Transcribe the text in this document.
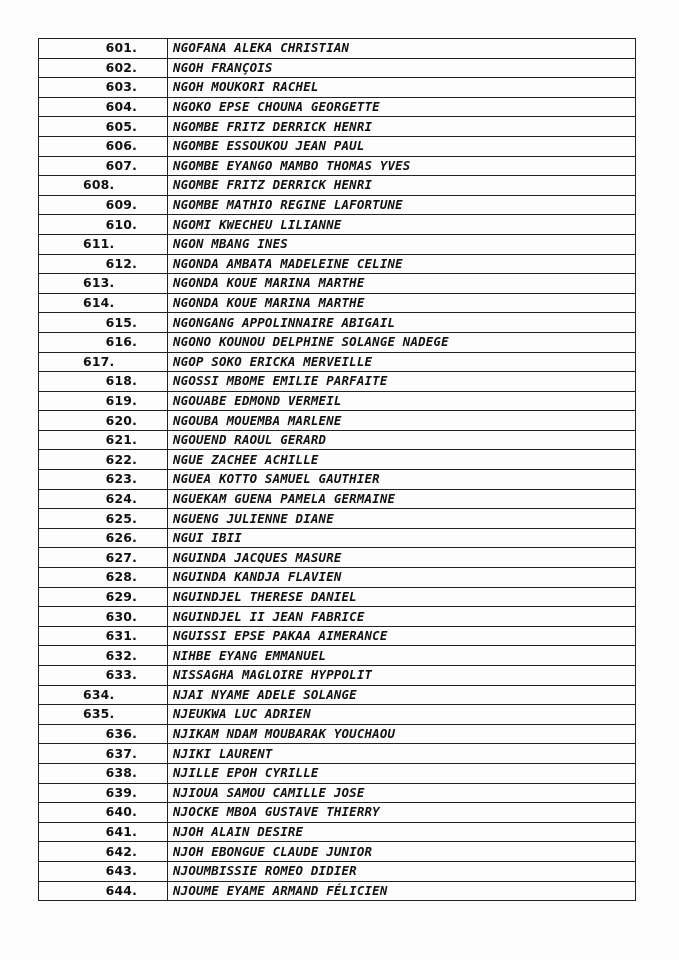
601.	NGOFANA ALEKA CHRISTIAN
602.	NGOH FRANÇOIS
603.	NGOH MOUKORI RACHEL
604.	NGOKO EPSE CHOUNA GEORGETTE
605.	NGOMBE FRITZ DERRICK HENRI
606.	NGOMBE ESSOUKOU JEAN PAUL
607.	NGOMBE EYANGO MAMBO THOMAS YVES
608.	NGOMBE FRITZ DERRICK HENRI
609.	NGOMBE MATHIO REGINE LAFORTUNE
610.	NGOMI KWECHEU LILIANNE
611.	NGON MBANG INES
612.	NGONDA AMBATA MADELEINE CELINE
613.	NGONDA KOUE MARINA MARTHE
614.	NGONDA KOUE MARINA MARTHE
615.	NGONGANG APPOLINNAIRE ABIGAIL
616.	NGONO KOUNOU DELPHINE SOLANGE NADEGE
617.	NGOP SOKO ERICKA MERVEILLE
618.	NGOSSI MBOME EMILIE PARFAITE
619.	NGOUABE EDMOND VERMEIL
620.	NGOUBA MOUEMBA MARLENE
621.	NGOUEND RAOUL GERARD
622.	NGUE ZACHEE ACHILLE
623.	NGUEA KOTTO SAMUEL GAUTHIER
624.	NGUEKAM GUENA PAMELA GERMAINE
625.	NGUENG JULIENNE DIANE
626.	NGUI IBII
627.	NGUINDA JACQUES MASURE
628.	NGUINDA KANDJA FLAVIEN
629.	NGUINDJEL THERESE DANIEL
630.	NGUINDJEL II JEAN FABRICE
631.	NGUISSI EPSE PAKAA AIMERANCE
632.	NIHBE EYANG EMMANUEL
633.	NISSAGHA MAGLOIRE HYPPOLIT
634.	NJAI NYAME ADELE SOLANGE
635.	NJEUKWA LUC ADRIEN
636.	NJIKAM NDAM MOUBARAK YOUCHAOU
637.	NJIKI LAURENT
638.	NJILLE EPOH CYRILLE
639.	NJIOUA SAMOU CAMILLE JOSE
640.	NJOCKE MBOA GUSTAVE THIERRY
641.	NJOH ALAIN DESIRE
642.	NJOH EBONGUE CLAUDE JUNIOR
643.	NJOUMBISSIE ROMEO DIDIER
644.	NJOUME EYAME ARMAND FÉLICIEN
